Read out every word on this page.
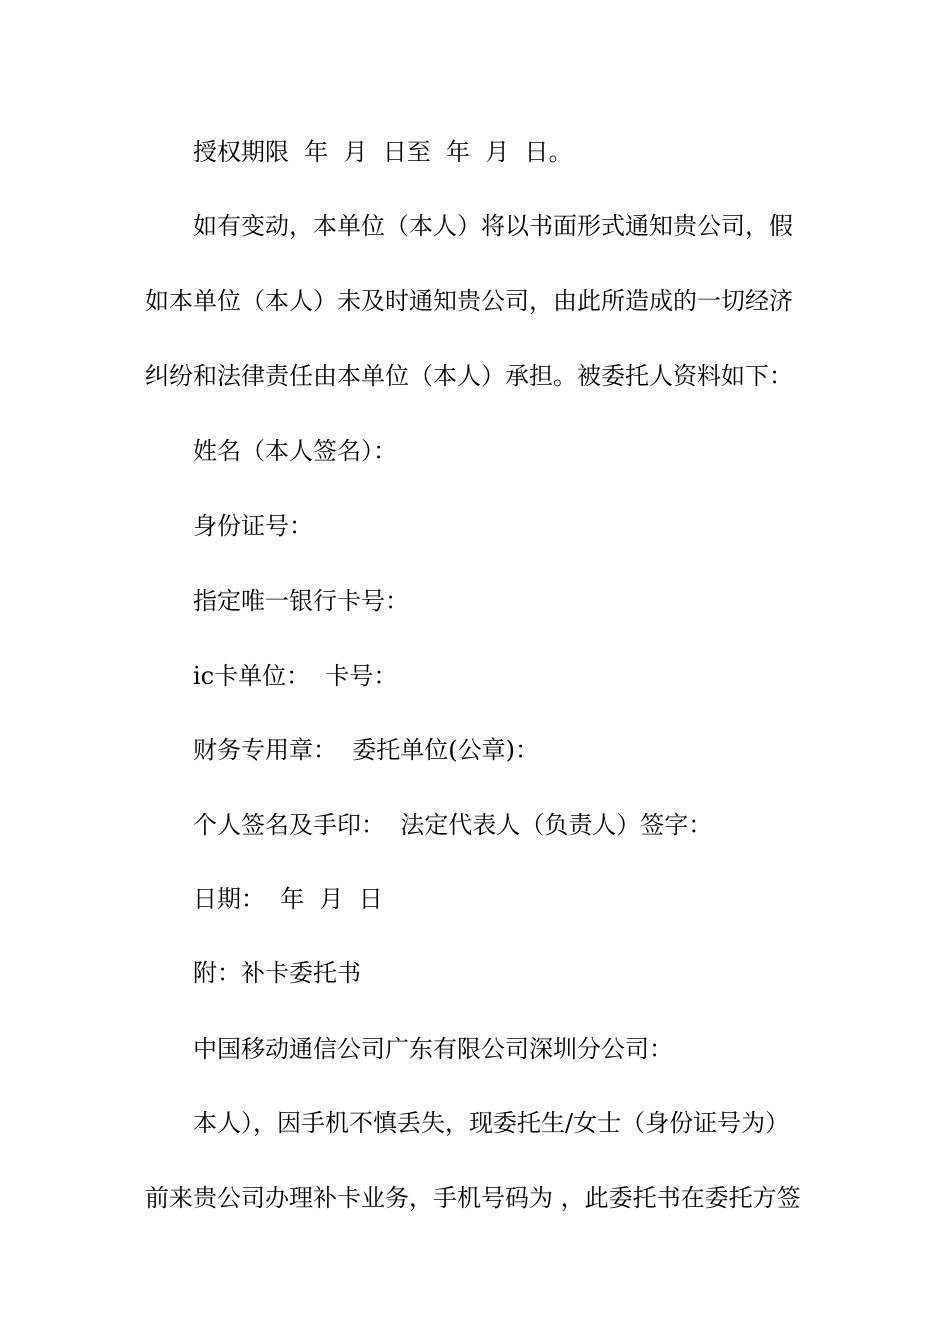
授权期限  年  月  日至  年  月  日。
如有变动，本单位（本人）将以书面形式通知贵公司，假
如本单位（本人）未及时通知贵公司，由此所造成的一切经济
纠纷和法律责任由本单位（本人）承担。被委托人资料如下：
姓名（本人签名）：
身份证号：
指定唯一银行卡号：
ic卡单位：  卡号：
财务专用章：  委托单位(公章)：
个人签名及手印：  法定代表人（负责人）签字：
日期：  年  月  日
附：补卡委托书
中国移动通信公司广东有限公司深圳分公司：
本人），因手机不慎丢失，现委托生/女士（身份证号为）
前来贵公司办理补卡业务，手机号码为 ，此委托书在委托方签
